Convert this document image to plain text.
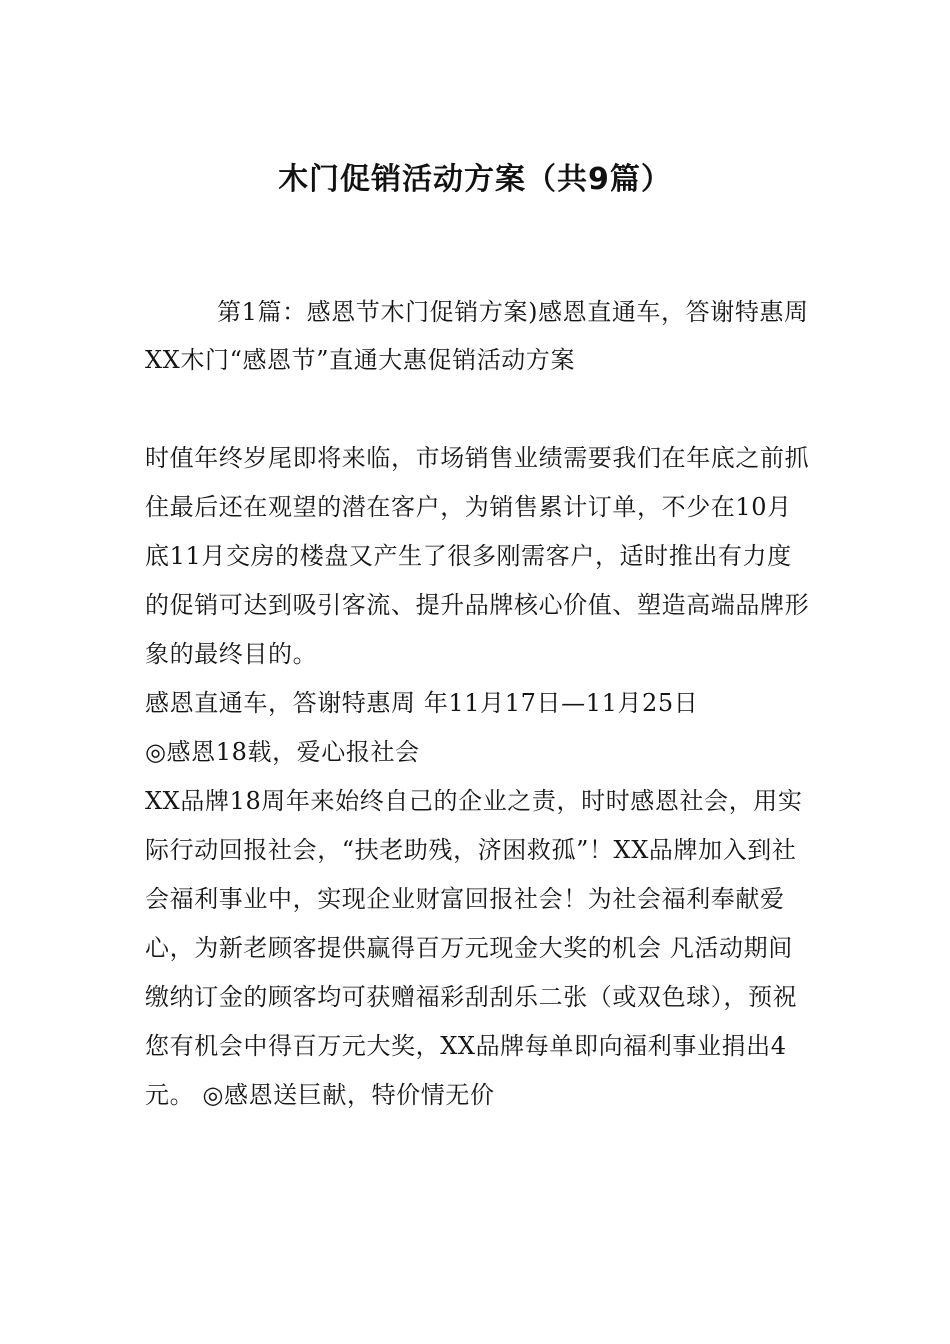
木门促销活动方案（共9篇）

第1篇：感恩节木门促销方案)感恩直通车，答谢特惠周

XX木门“感恩节”直通大惠促销活动方案

时值年终岁尾即将来临，市场销售业绩需要我们在年底之前抓住最后还在观望的潜在客户，为销售累计订单，不少在10月底11月交房的楼盘又产生了很多刚需客户，适时推出有力度的促销可达到吸引客流、提升品牌核心价值、塑造高端品牌形象的最终目的。

感恩直通车，答谢特惠周 年11月17日—11月25日

◎感恩18载，爱心报社会

XX品牌18周年来始终自己的企业之责，时时感恩社会，用实际行动回报社会，“扶老助残，济困救孤”！XX品牌加入到社会福利事业中，实现企业财富回报社会！为社会福利奉献爱心，为新老顾客提供赢得百万元现金大奖的机会 凡活动期间缴纳订金的顾客均可获赠福彩刮刮乐二张（或双色球），预祝您有机会中得百万元大奖，XX品牌每单即向福利事业捐出4元。 ◎感恩送巨献，特价情无价
